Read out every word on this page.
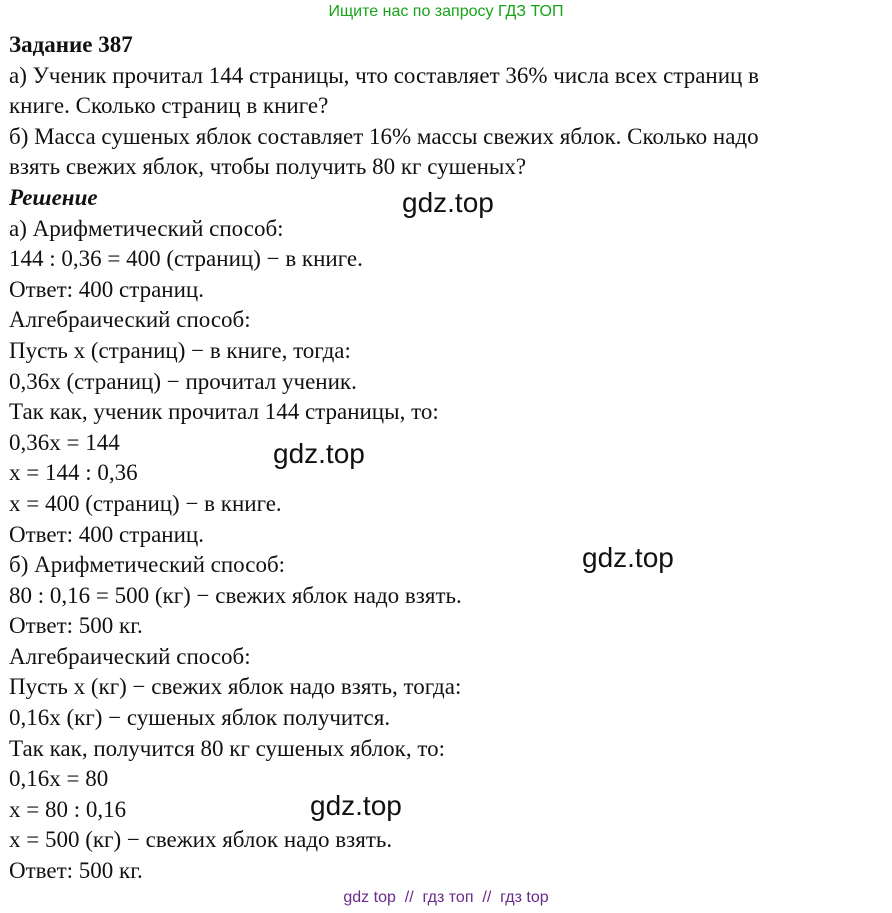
Ищите нас по запросу ГДЗ ТОП

Задание 387

а) Ученик прочитал 144 страницы, что составляет 36% числа всех страниц в

книге. Сколько страниц в книге?

б) Масса сушеных яблок составляет 16% массы свежих яблок. Сколько надо

взять свежих яблок, чтобы получить 80 кг сушеных?

Решение

а) Арифметический способ:

144 : 0,36 = 400 (страниц) − в книге.

Ответ: 400 страниц.

Алгебраический способ:

Пусть х (страниц) − в книге, тогда:

0,36х (страниц) − прочитал ученик.

Так как, ученик прочитал 144 страницы, то:

0,36х = 144

х = 144 : 0,36

х = 400 (страниц) − в книге.

Ответ: 400 страниц.

б) Арифметический способ:

80 : 0,16 = 500 (кг) − свежих яблок надо взять.

Ответ: 500 кг.

Алгебраический способ:

Пусть х (кг) − свежих яблок надо взять, тогда:

0,16х (кг) − сушеных яблок получится.

Так как, получится 80 кг сушеных яблок, то:

0,16х = 80

х = 80 : 0,16

х = 500 (кг) − свежих яблок надо взять.

Ответ: 500 кг.

gdz.top
gdz.top
gdz.top
gdz.top
gdz top  //  гдз топ  //  гдз top
